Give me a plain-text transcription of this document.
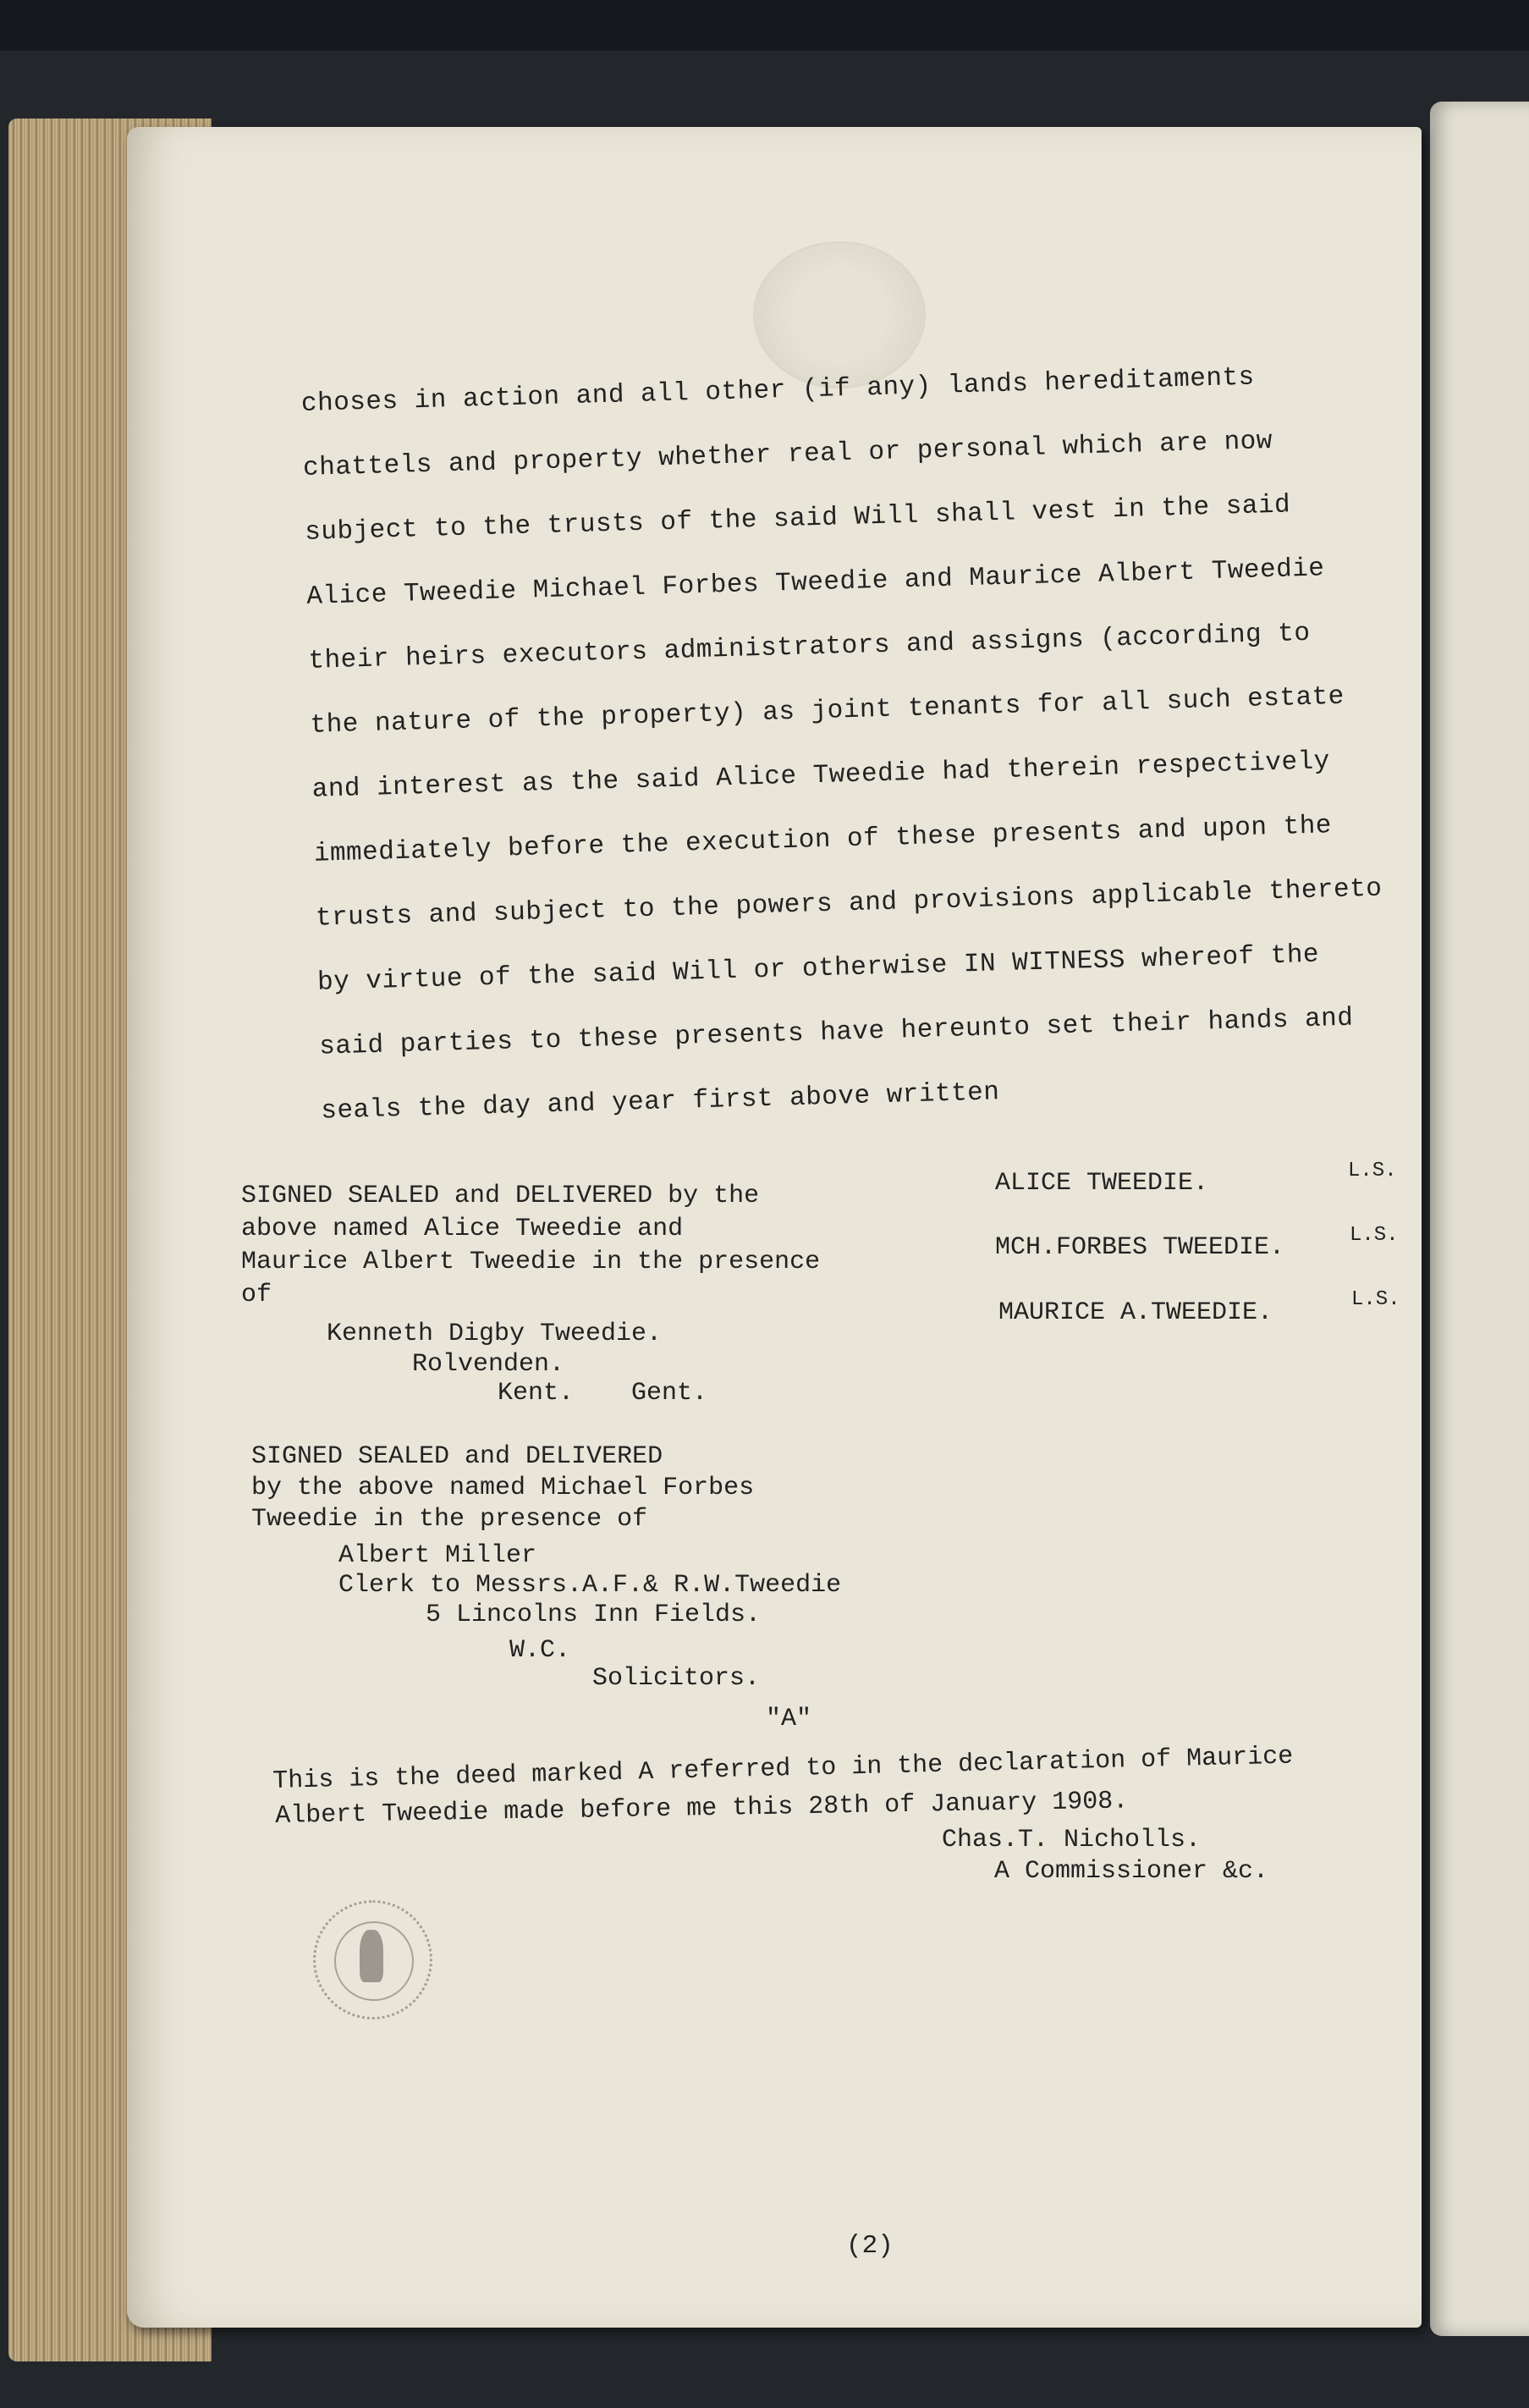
choses in action and all other (if any) lands hereditaments
chattels and property whether real or personal which are now
subject to the trusts of the said Will shall vest in the said
Alice Tweedie Michael Forbes Tweedie and Maurice Albert Tweedie
their heirs executors administrators and assigns (according to
the nature of the property) as joint tenants for all such estate
and interest as the said Alice Tweedie had therein respectively
immediately before the execution of these presents and upon the
trusts and subject to the powers and provisions applicable thereto
by virtue of the said Will or otherwise IN WITNESS whereof the
said parties to these presents have hereunto set their hands and
seals the day and year first above written
SIGNED SEALED and DELIVERED by the
above named Alice Tweedie and
Maurice Albert Tweedie in the presence
of
Kenneth Digby Tweedie.
Rolvenden.
Kent. Gent.
ALICE TWEEDIE.	L.S.
MCH.FORBES TWEEDIE.	L.S.
MAURICE A.TWEEDIE.	L.S.
SIGNED SEALED and DELIVERED
by the above named Michael Forbes
Tweedie in the presence of
Albert Miller
Clerk to Messrs.A.F.& R.W.Tweedie
5 Lincolns Inn Fields.
W.C.
Solicitors.
"A"
This is the deed marked A referred to in the declaration of Maurice
Albert Tweedie made before me this 28th of January 1908.
Chas.T. Nicholls.
A Commissioner &c.
(2)
